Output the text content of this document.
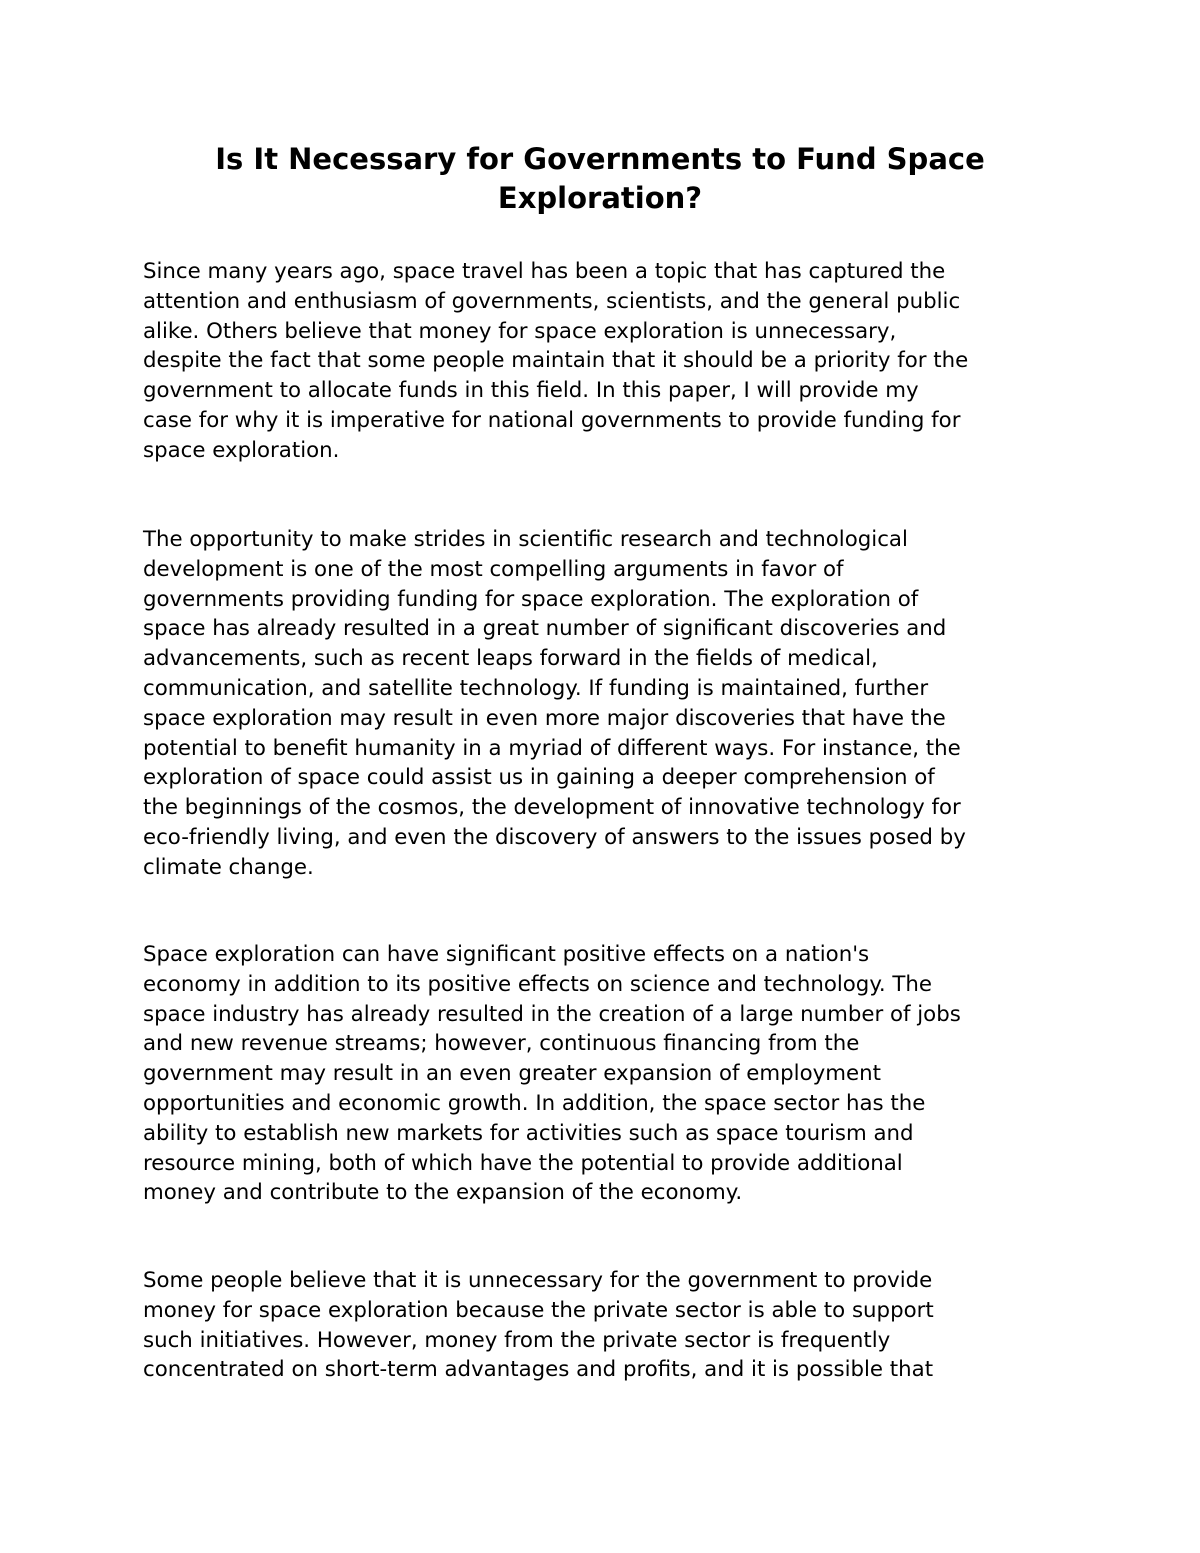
Is It Necessary for Governments to Fund Space
Exploration?

Since many years ago, space travel has been a topic that has captured the
attention and enthusiasm of governments, scientists, and the general public
alike. Others believe that money for space exploration is unnecessary,
despite the fact that some people maintain that it should be a priority for the
government to allocate funds in this field. In this paper, I will provide my
case for why it is imperative for national governments to provide funding for
space exploration.

The opportunity to make strides in scientific research and technological
development is one of the most compelling arguments in favor of
governments providing funding for space exploration. The exploration of
space has already resulted in a great number of significant discoveries and
advancements, such as recent leaps forward in the fields of medical,
communication, and satellite technology. If funding is maintained, further
space exploration may result in even more major discoveries that have the
potential to benefit humanity in a myriad of different ways. For instance, the
exploration of space could assist us in gaining a deeper comprehension of
the beginnings of the cosmos, the development of innovative technology for
eco-friendly living, and even the discovery of answers to the issues posed by
climate change.

Space exploration can have significant positive effects on a nation's
economy in addition to its positive effects on science and technology. The
space industry has already resulted in the creation of a large number of jobs
and new revenue streams; however, continuous financing from the
government may result in an even greater expansion of employment
opportunities and economic growth. In addition, the space sector has the
ability to establish new markets for activities such as space tourism and
resource mining, both of which have the potential to provide additional
money and contribute to the expansion of the economy.

Some people believe that it is unnecessary for the government to provide
money for space exploration because the private sector is able to support
such initiatives. However, money from the private sector is frequently
concentrated on short-term advantages and profits, and it is possible that
